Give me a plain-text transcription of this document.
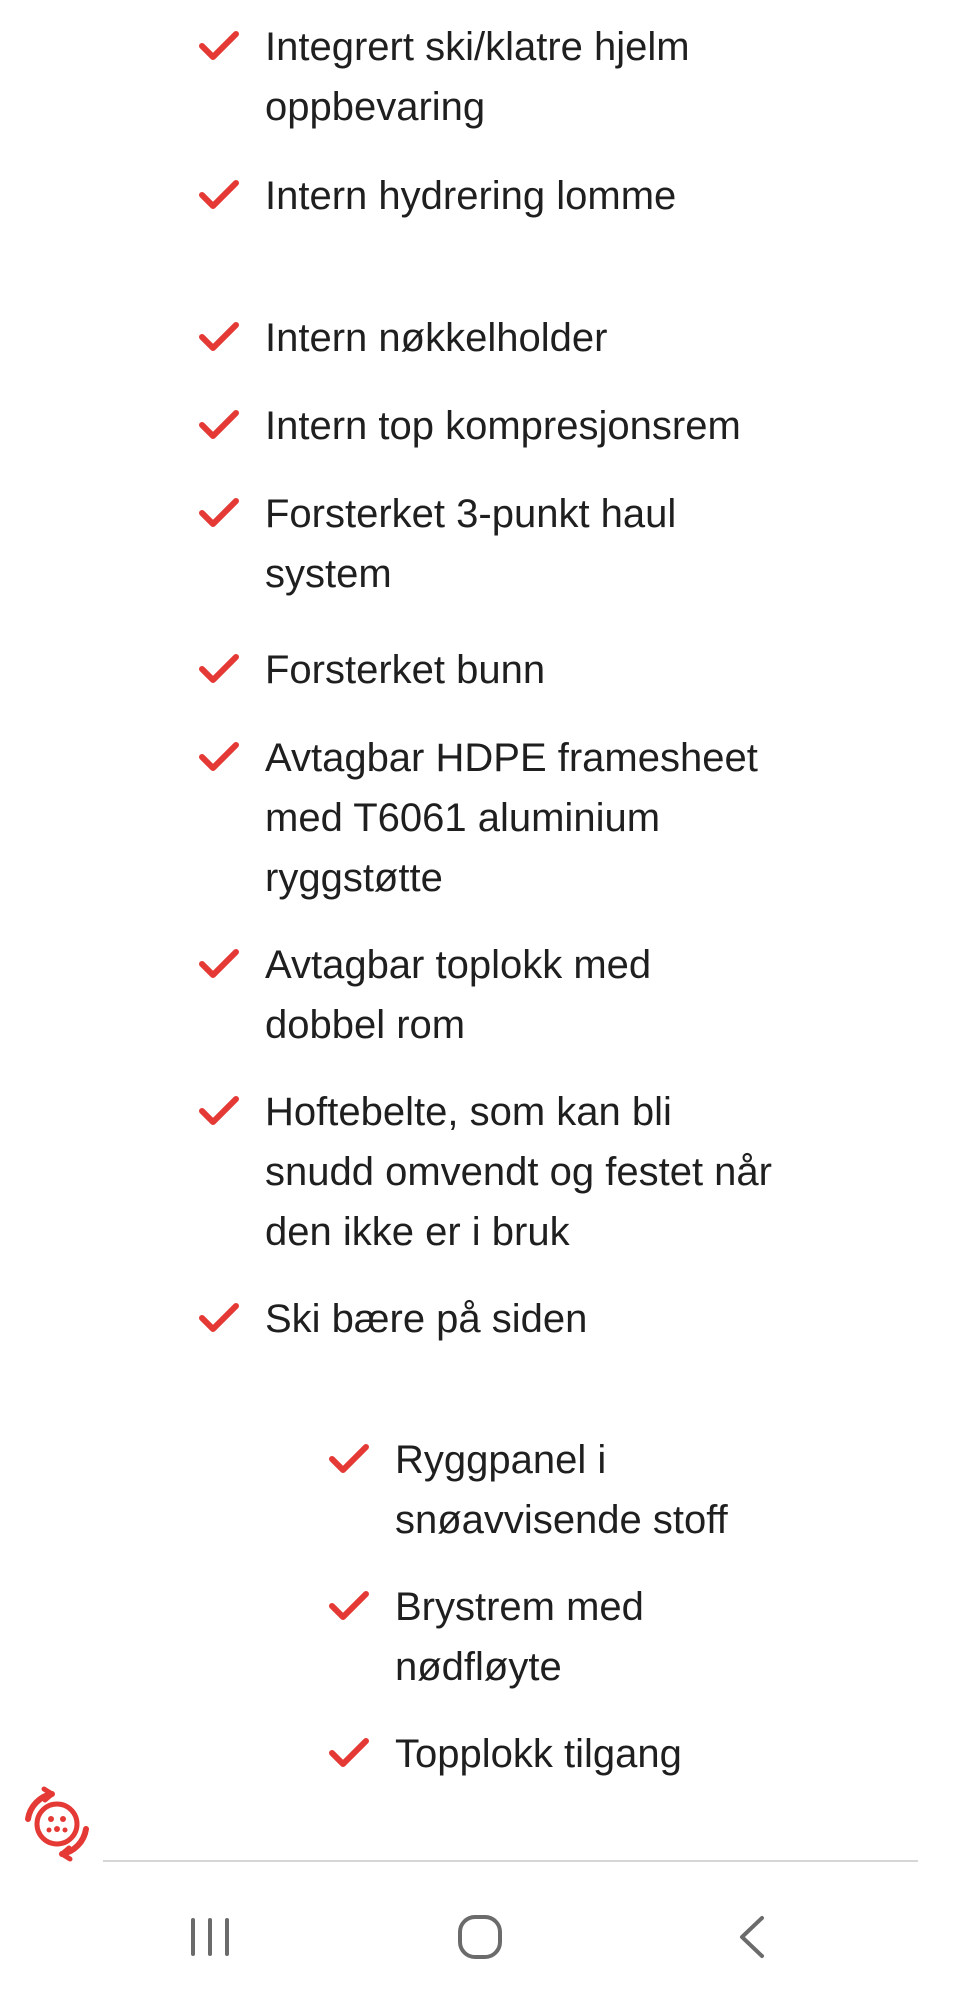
Integrert ski/klatre hjelm
oppbevaring
Intern hydrering lomme
Intern nøkkelholder
Intern top kompresjonsrem
Forsterket 3-punkt haul
system
Forsterket bunn
Avtagbar HDPE framesheet
med T6061 aluminium
ryggstøtte
Avtagbar toplokk med
dobbel rom
Hoftebelte, som kan bli
snudd omvendt og festet når
den ikke er i bruk
Ski bære på siden
Ryggpanel i
snøavvisende stoff
Brystrem med
nødfløyte
Topplokk tilgang
